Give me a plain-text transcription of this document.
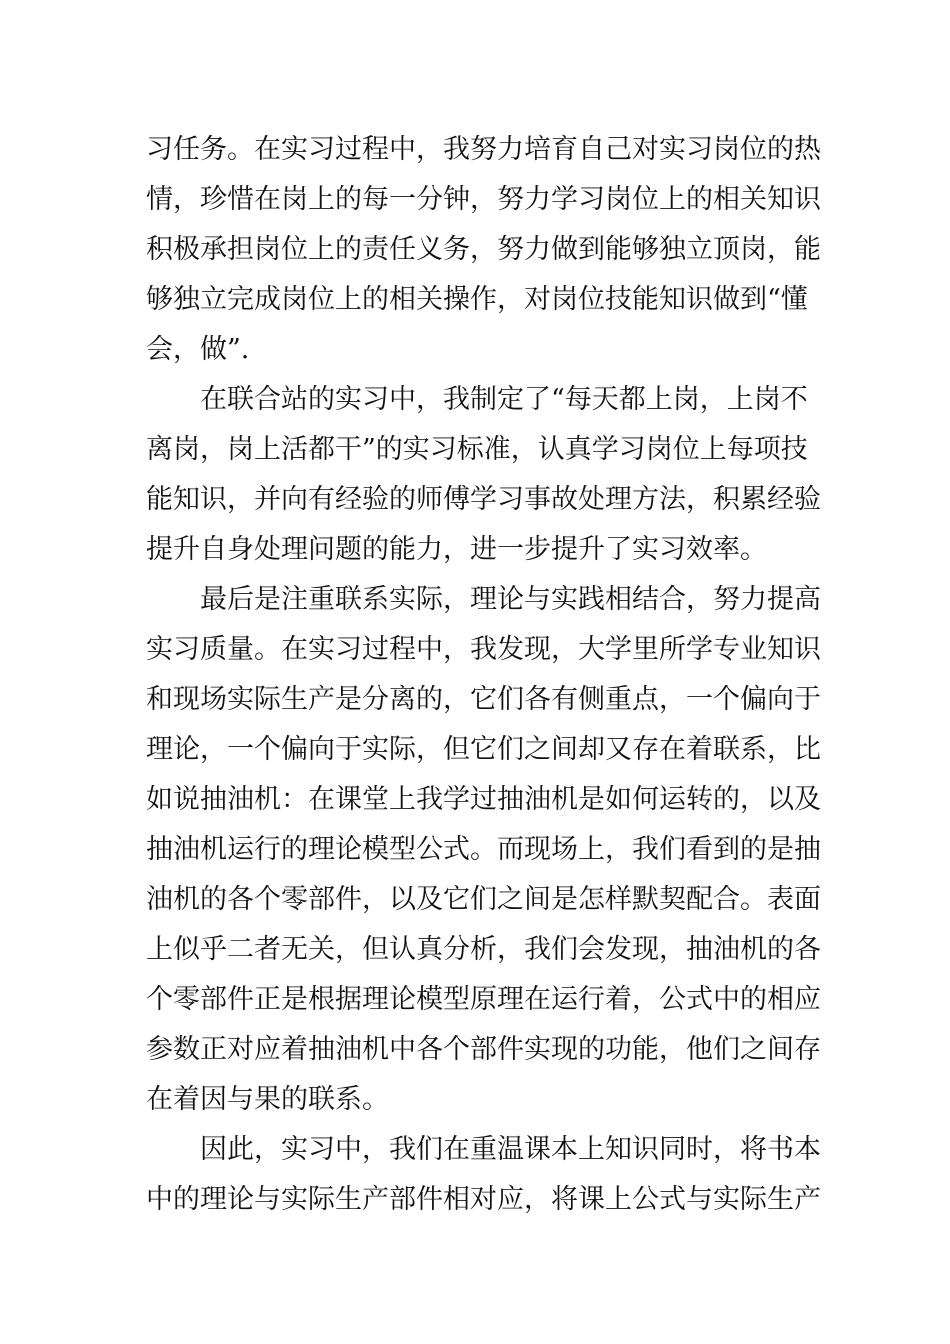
习任务。在实习过程中，我努力培育自己对实习岗位的热
情，珍惜在岗上的每一分钟，努力学习岗位上的相关知识
积极承担岗位上的责任义务，努力做到能够独立顶岗，能
够独立完成岗位上的相关操作，对岗位技能知识做到“懂
会，做”.
在联合站的实习中，我制定了“每天都上岗，上岗不
离岗，岗上活都干”的实习标准，认真学习岗位上每项技
能知识，并向有经验的师傅学习事故处理方法，积累经验
提升自身处理问题的能力，进一步提升了实习效率。
最后是注重联系实际，理论与实践相结合，努力提高
实习质量。在实习过程中，我发现，大学里所学专业知识
和现场实际生产是分离的，它们各有侧重点，一个偏向于
理论，一个偏向于实际，但它们之间却又存在着联系，比
如说抽油机：在课堂上我学过抽油机是如何运转的，以及
抽油机运行的理论模型公式。而现场上，我们看到的是抽
油机的各个零部件，以及它们之间是怎样默契配合。表面
上似乎二者无关，但认真分析，我们会发现，抽油机的各
个零部件正是根据理论模型原理在运行着，公式中的相应
参数正对应着抽油机中各个部件实现的功能，他们之间存
在着因与果的联系。
因此，实习中，我们在重温课本上知识同时，将书本
中的理论与实际生产部件相对应，将课上公式与实际生产
